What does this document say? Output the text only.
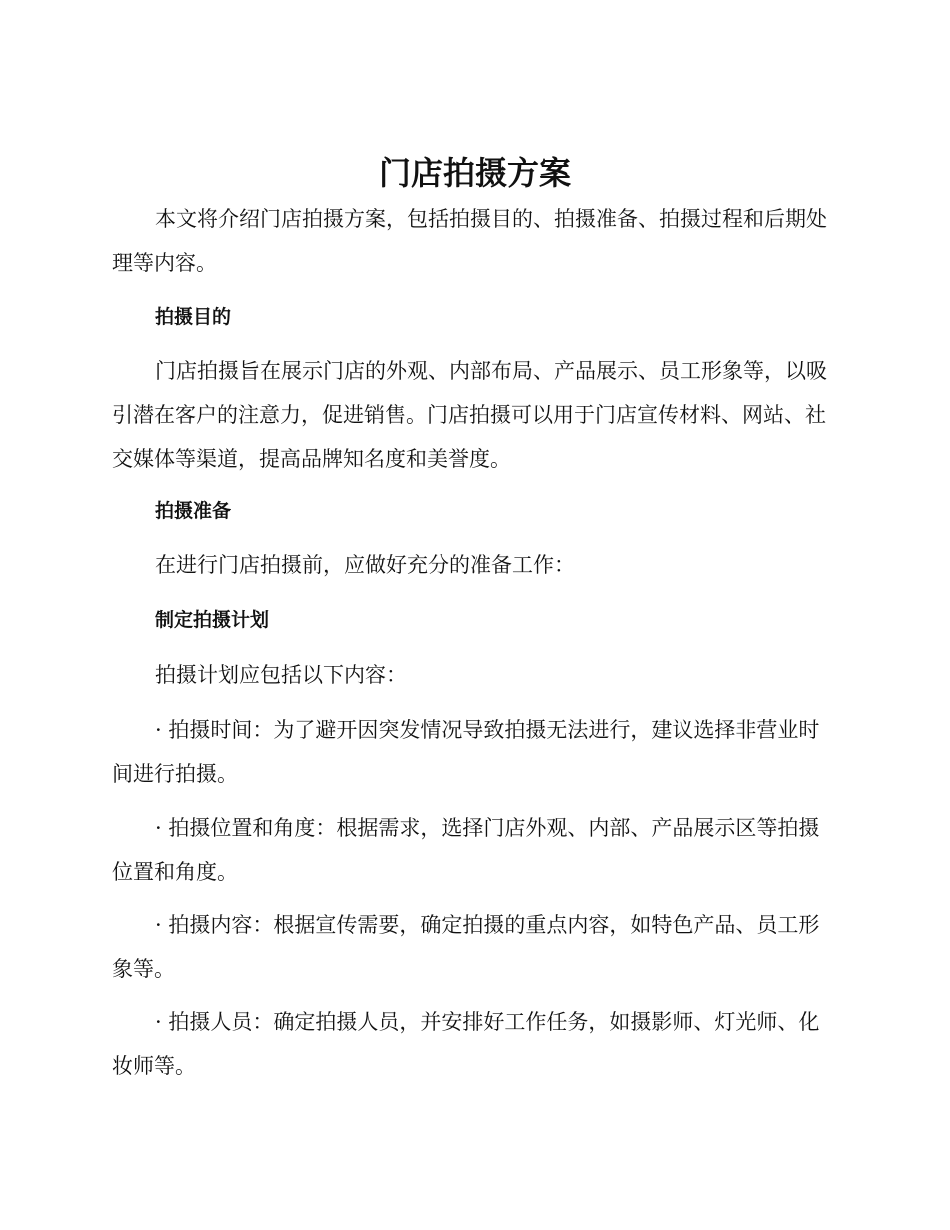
门店拍摄方案

本文将介绍门店拍摄方案，包括拍摄目的、拍摄准备、拍摄过程和后期处理等内容。

拍摄目的

门店拍摄旨在展示门店的外观、内部布局、产品展示、员工形象等，以吸引潜在客户的注意力，促进销售。门店拍摄可以用于门店宣传材料、网站、社交媒体等渠道，提高品牌知名度和美誉度。

拍摄准备

在进行门店拍摄前，应做好充分的准备工作：

制定拍摄计划

拍摄计划应包括以下内容：

· 拍摄时间：为了避开因突发情况导致拍摄无法进行，建议选择非营业时间进行拍摄。

· 拍摄位置和角度：根据需求，选择门店外观、内部、产品展示区等拍摄位置和角度。

· 拍摄内容：根据宣传需要，确定拍摄的重点内容，如特色产品、员工形象等。

· 拍摄人员：确定拍摄人员，并安排好工作任务，如摄影师、灯光师、化妆师等。
